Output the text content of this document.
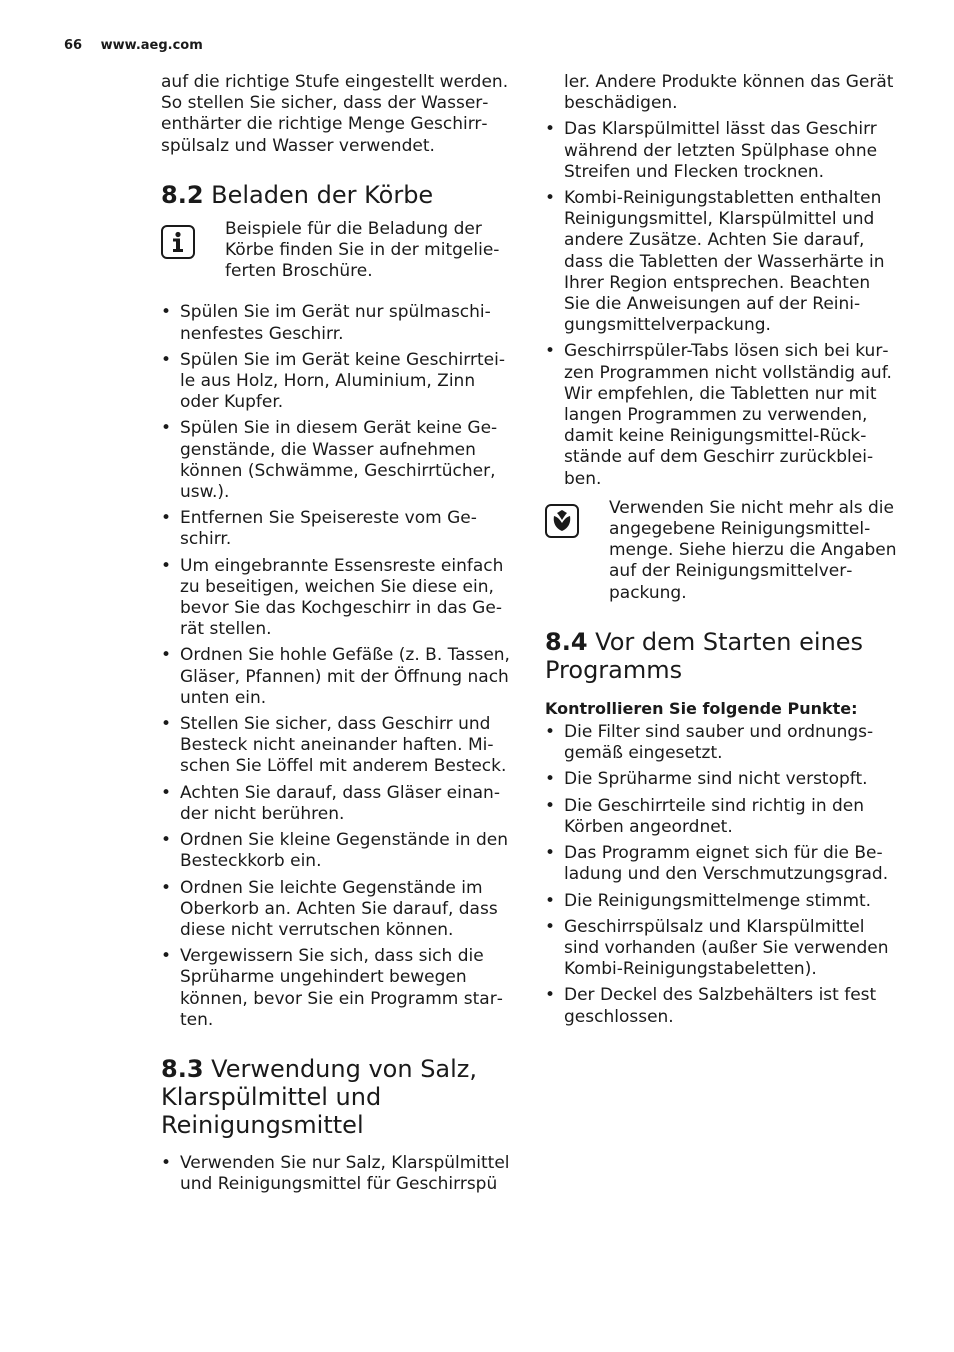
66 www.aeg.com

auf die richtige Stufe eingestellt werden. So stellen Sie sicher, dass der Wasserenthärter die richtige Menge Geschirrspülsalz und Wasser verwendet.

8.2 Beladen der Körbe

Beispiele für die Beladung der Körbe finden Sie in der mitgelieferten Broschüre.

• Spülen Sie im Gerät nur spülmaschinenfestes Geschirr.
• Spülen Sie im Gerät keine Geschirrteile aus Holz, Horn, Aluminium, Zinn oder Kupfer.
• Spülen Sie in diesem Gerät keine Gegenstände, die Wasser aufnehmen können (Schwämme, Geschirrtücher, usw.).
• Entfernen Sie Speisereste vom Geschirr.
• Um eingebrannte Essensreste einfach zu beseitigen, weichen Sie diese ein, bevor Sie das Kochgeschirr in das Gerät stellen.
• Ordnen Sie hohle Gefäße (z. B. Tassen, Gläser, Pfannen) mit der Öffnung nach unten ein.
• Stellen Sie sicher, dass Geschirr und Besteck nicht aneinander haften. Mischen Sie Löffel mit anderem Besteck.
• Achten Sie darauf, dass Gläser einander nicht berühren.
• Ordnen Sie kleine Gegenstände in den Besteckkorb ein.
• Ordnen Sie leichte Gegenstände im Oberkorb an. Achten Sie darauf, dass diese nicht verrutschen können.
• Vergewissern Sie sich, dass sich die Sprüharme ungehindert bewegen können, bevor Sie ein Programm starten.
8.3 Verwendung von Salz, Klarspülmittel und Reinigungsmittel
• Verwenden Sie nur Salz, Klarspülmittel und Reinigungsmittel für Geschirrspü

ler. Andere Produkte können das Gerät beschädigen.

• Das Klarspülmittel lässt das Geschirr während der letzten Spülphase ohne Streifen und Flecken trocknen.
• Kombi-Reinigungstabletten enthalten Reinigungsmittel, Klarspülmittel und andere Zusätze. Achten Sie darauf, dass die Tabletten der Wasserhärte in Ihrer Region entsprechen. Beachten Sie die Anweisungen auf der Reinigungsmittelverpackung.
• Geschirrspüler-Tabs lösen sich bei kurzen Programmen nicht vollständig auf. Wir empfehlen, die Tabletten nur mit langen Programmen zu verwenden, damit keine Reinigungsmittel-Rückstände auf dem Geschirr zurückbleiben.

Verwenden Sie nicht mehr als die angegebene Reinigungsmittelmenge. Siehe hierzu die Angaben auf der Reinigungsmittelverpackung.

8.4 Vor dem Starten eines Programms

Kontrollieren Sie folgende Punkte:

• Die Filter sind sauber und ordnungsgemäß eingesetzt.
• Die Sprüharme sind nicht verstopft.
• Die Geschirrteile sind richtig in den Körben angeordnet.
• Das Programm eignet sich für die Beladung und den Verschmutzungsgrad.
• Die Reinigungsmittelmenge stimmt.
• Geschirrspülsalz und Klarspülmittel sind vorhanden (außer Sie verwenden Kombi-Reinigungstabeletten).
• Der Deckel des Salzbehälters ist fest geschlossen.
